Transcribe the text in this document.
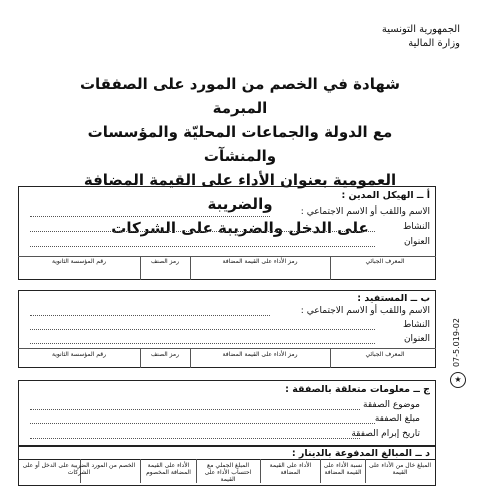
الجمهورية التونسية
وزارة المالية
شهادة في الخصم من المورد على الصفقات المبرمة
مع الدولة والجماعات المحليّة والمؤسسات والمنشآت
العمومية بعنوان الأداء على القيمة المضافة والضريبة
على الدخل والضريبة على الشركات
أ ــ الهيكل المدين :
الاسم واللقب أو الاسم الاجتماعي :
النشاط
العنوان
المعرف الجبائي
رمز الأداء على القيمة المضافة
رمز الصنف
رقم المؤسسة الثانوية
ب ــ المستفيد :
الاسم واللقب أو الاسم الاجتماعي :
النشاط
العنوان
المعرف الجبائي
رمز الأداء على القيمة المضافة
رمز الصنف
رقم المؤسسة الثانوية	07-5.019-02
★
ج ــ معلومات متعلقة بالصفقة :
موضوع الصفقة
مبلغ الصفقة
تاريخ إبرام الصفقة
د ــ المبالغ المدفوعة بالدينار :
المبلغ خال من الأداء على القيمة
نسبة الأداء على القيمة المضافة
الأداء على القيمة المضافة
المبلغ الجملي مع احتساب الأداء على القيمة
الأداء على القيمة المضافة المخصوم
الخصم من المورد الضريبة على الدخل أو على الشركات
